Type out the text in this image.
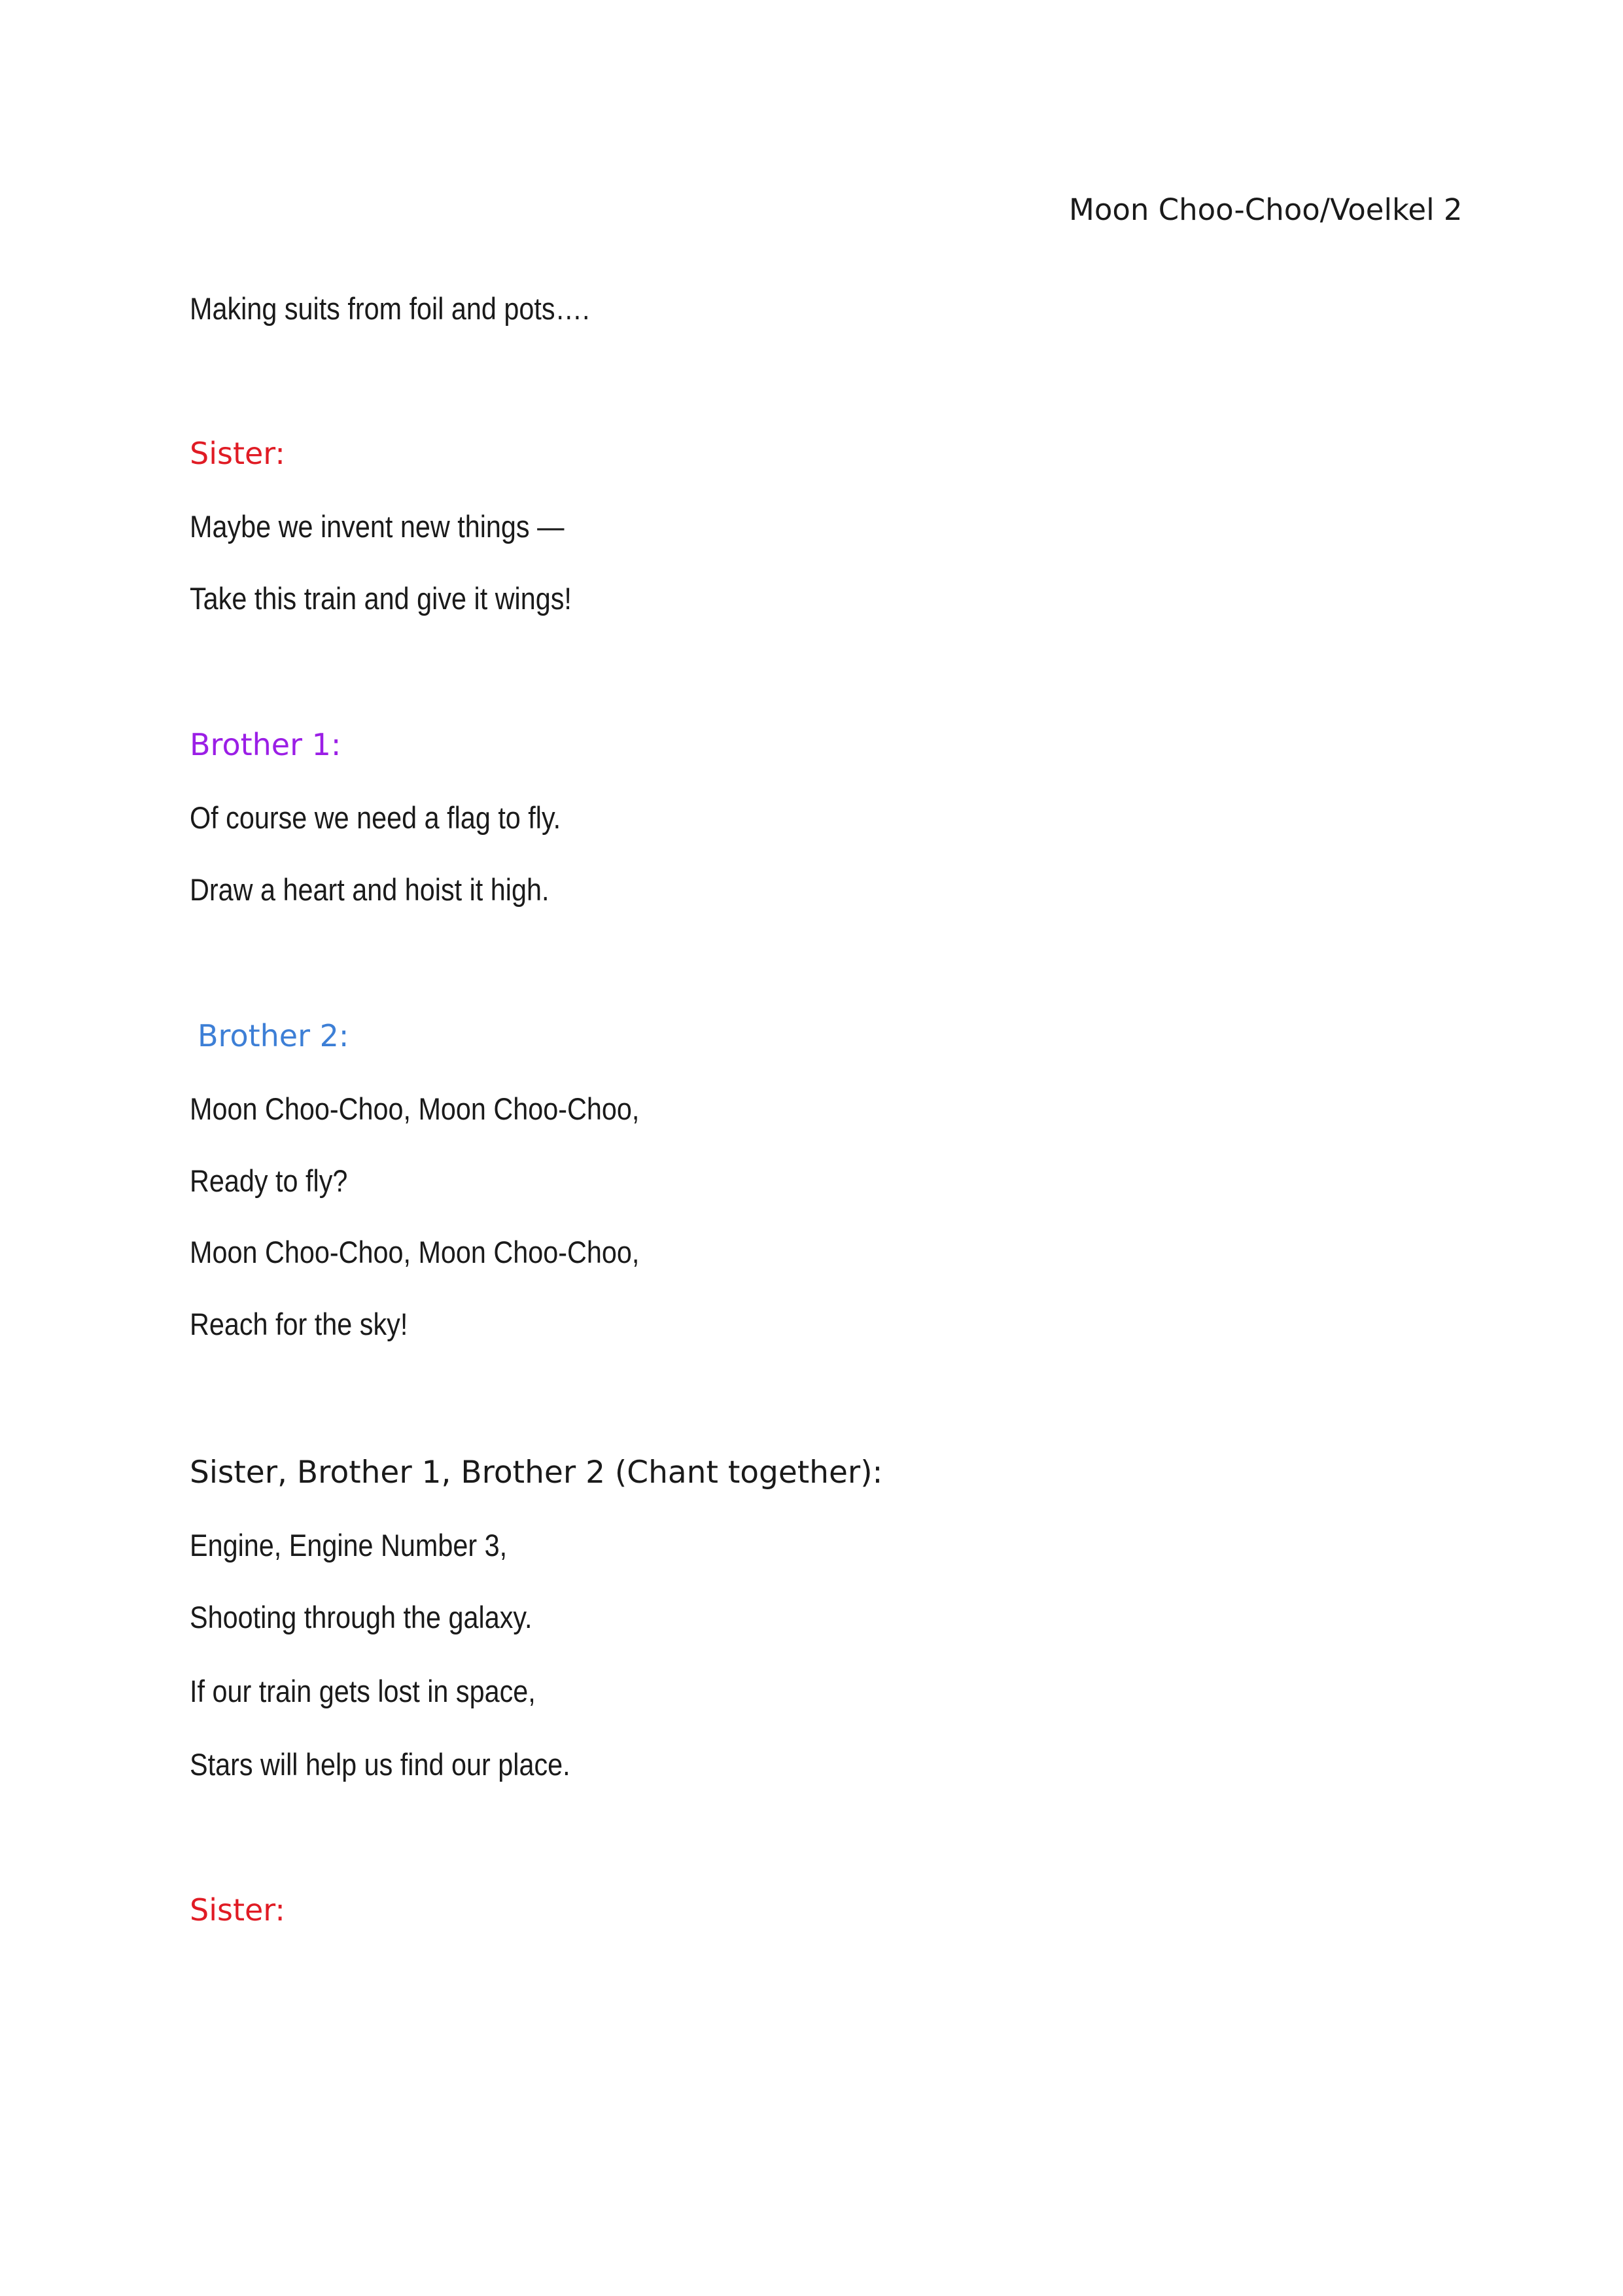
Moon Choo-Choo/Voelkel 2
Making suits from foil and pots….
Sister:
Maybe we invent new things —
Take this train and give it wings!
Brother 1:
Of course we need a flag to fly.
Draw a heart and hoist it high.
Brother 2:
Moon Choo-Choo, Moon Choo-Choo,
Ready to fly?
Moon Choo-Choo, Moon Choo-Choo,
Reach for the sky!
Sister, Brother 1, Brother 2 (Chant together):
Engine, Engine Number 3,
Shooting through the galaxy.
If our train gets lost in space,
Stars will help us find our place.
Sister:
